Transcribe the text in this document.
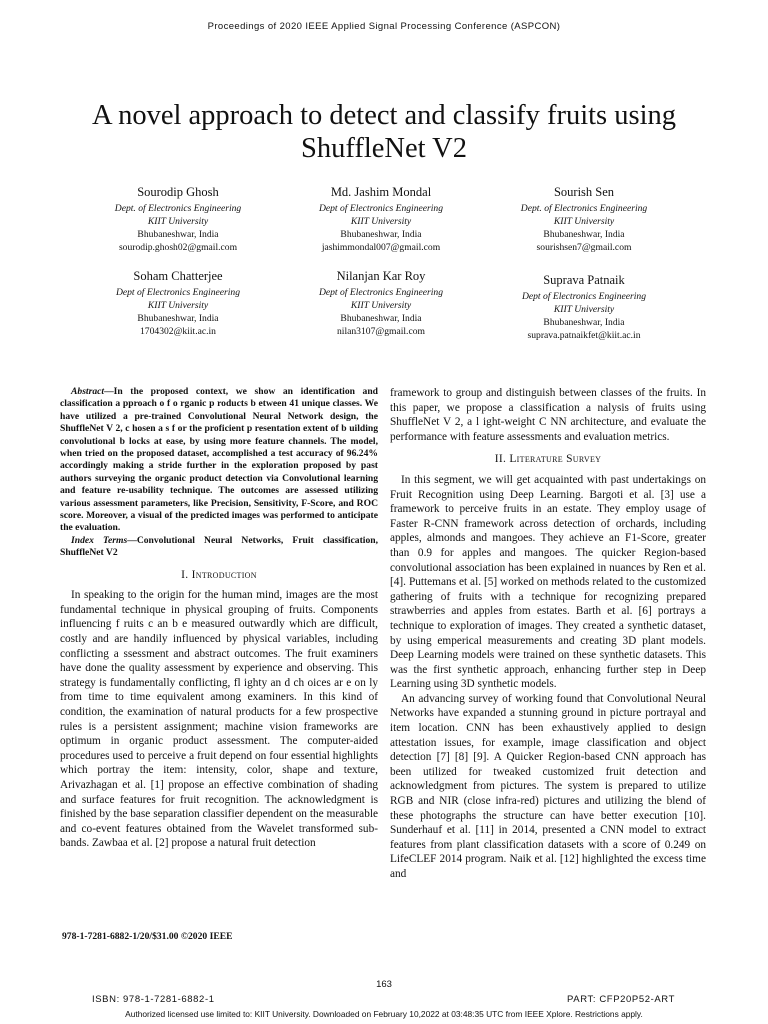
Proceedings of 2020 IEEE Applied Signal Processing Conference (ASPCON)
A novel approach to detect and classify fruits using
ShuffleNet V2
Sourodip Ghosh
Dept. of Electronics Engineering
KIIT University
Bhubaneshwar, India
sourodip.ghosh02@gmail.com
Md. Jashim Mondal
Dept of Electronics Engineering
KIIT University
Bhubaneshwar, India
jashimmondal007@gmail.com
Sourish Sen
Dept. of Electronics Engineering
KIIT University
Bhubaneshwar, India
sourishsen7@gmail.com
Soham Chatterjee
Dept of Electronics Engineering
KIIT University
Bhubaneshwar, India
1704302@kiit.ac.in
Nilanjan Kar Roy
Dept of Electronics Engineering
KIIT University
Bhubaneshwar, India
nilan3107@gmail.com
Suprava Patnaik
Dept of Electronics Engineering
KIIT University
Bhubaneshwar, India
suprava.patnaikfet@kiit.ac.in

Abstract—In the proposed context, we show an identification and classification a pproach o f o rganic p roducts b etween 41 unique classes. We have utilized a pre-trained Convolutional Neural Network design, the ShuffleNet V 2, c hosen a s f or the proficient p resentation extent of b uilding convolutional b locks at ease, by using more feature channels. The model, when tried on the proposed dataset, accomplished a test accuracy of 96.24% accordingly making a stride further in the exploration proposed by past authors surveying the organic product detection via Convolutional learning and feature re-usability technique. The outcomes are assessed utilizing various assessment parameters, like Precision, Sensitivity, F-Score, and ROC score. Moreover, a visual of the predicted images was performed to anticipate the evaluation.

Index Terms—Convolutional Neural Networks, Fruit classification, ShuffleNet V2

I. Introduction

In speaking to the origin for the human mind, images are the most fundamental technique in physical grouping of fruits. Components influencing f ruits c an b e measured outwardly which are difficult, costly and are handily influenced by physical variables, including conflicting a ssessment and abstract outcomes. The fruit examiners have done the quality assessment by experience and observing. This strategy is fundamentally conflicting, fl ighty an d ch oices ar e on ly from time to time equivalent among examiners. In this kind of condition, the examination of natural products for a few prospective rules is a persistent assignment; machine vision frameworks are optimum in organic product assessment. The computer-aided procedures used to perceive a fruit depend on four essential highlights which portray the item: intensity, color, shape and texture, Arivazhagan et al. [1] propose an effective combination of shading and surface features for fruit recognition. The acknowledgment is finished by the base separation classifier dependent on the measurable and co-event features obtained from the Wavelet transformed sub-bands. Zawbaa et al. [2] propose a natural fruit detection

framework to group and distinguish between classes of the fruits. In this paper, we propose a classification a nalysis of fruits using ShuffleNet V 2, a l ight-weight C NN architecture, and evaluate the performance with feature assessments and evaluation metrics.

II. Literature Survey

In this segment, we will get acquainted with past undertakings on Fruit Recognition using Deep Learning. Bargoti et al. [3] use a framework to perceive fruits in an estate. They employ usage of Faster R-CNN framework across detection of orchards, including apples, almonds and mangoes. They achieve an F1-Score, greater than 0.9 for apples and mangoes. The quicker Region-based convolutional association has been explained in nuances by Ren et al. [4]. Puttemans et al. [5] worked on methods related to the customized gathering of fruits with a technique for recognizing prepared strawberries and apples from estates. Barth et al. [6] portrays a technique to exploration of images. They created a synthetic dataset, by using emperical measurements and creating 3D plant models. Deep Learning models were trained on these synthetic datasets. This was the first synthetic approach, enhancing further step in Deep Learning using 3D synthetic models.

An advancing survey of working found that Convolutional Neural Networks have expanded a stunning ground in picture portrayal and item location. CNN has been exhaustively applied to design attestation issues, for example, image classification and object detection [7] [8] [9]. A Quicker Region-based CNN approach has been utilized for tweaked customized fruit detection and acknowledgment from pictures. The system is prepared to utilize RGB and NIR (close infra-red) pictures and utilizing the blend of these photographs the structure can have better execution [10]. Sunderhauf et al. [11] in 2014, presented a CNN model to extract features from plant classification datasets with a score of 0.249 on LifeCLEF 2014 program. Naik et al. [12] highlighted the excess time and

978-1-7281-6882-1/20/$31.00 ©2020 IEEE
163
ISBN: 978-1-7281-6882-1	PART: CFP20P52-ART
Authorized licensed use limited to: KIIT University. Downloaded on February 10,2022 at 03:48:35 UTC from IEEE Xplore. Restrictions apply.
